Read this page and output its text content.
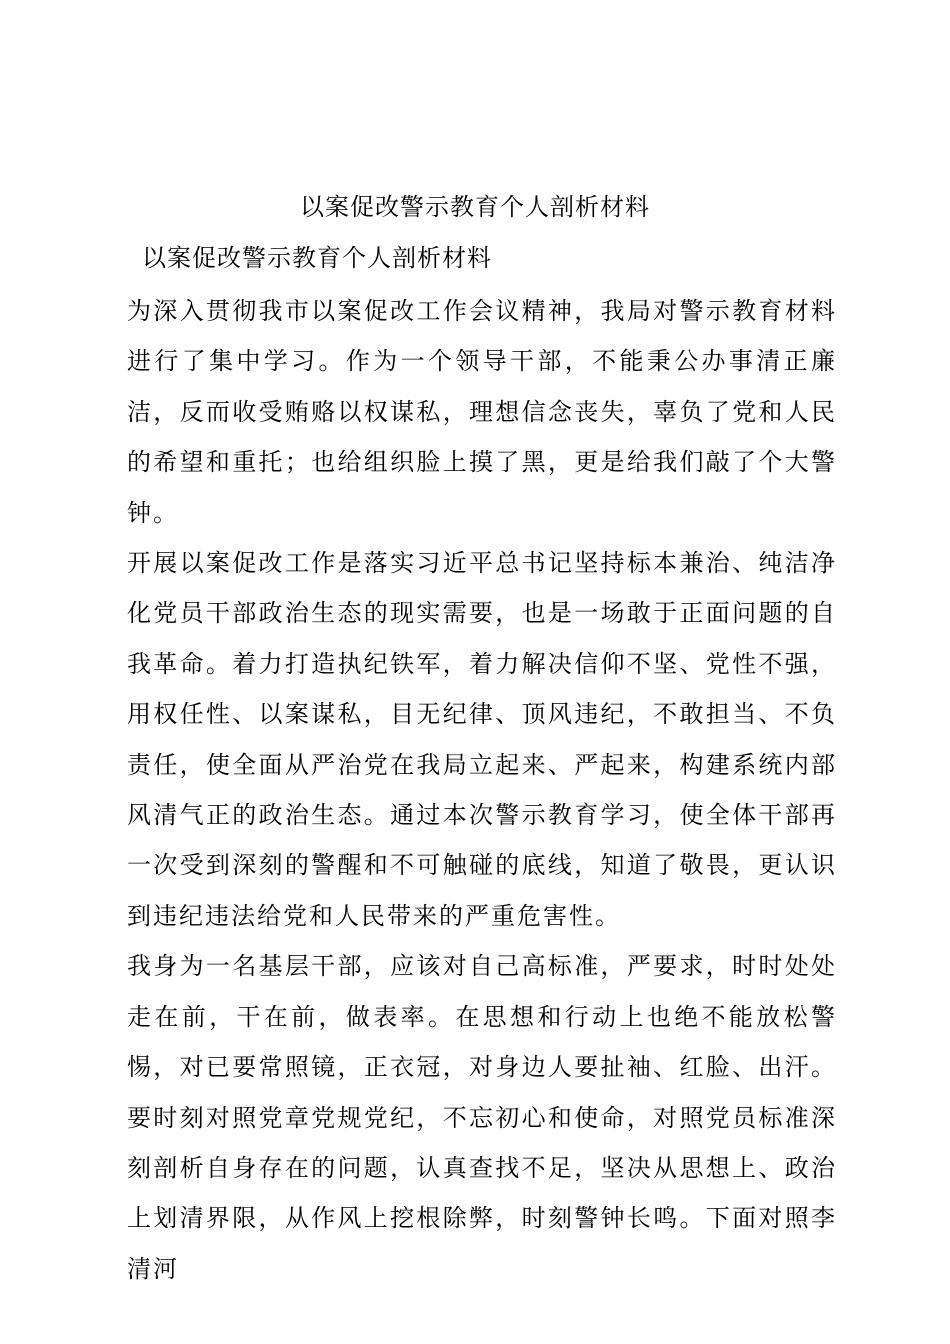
以案促改警示教育个人剖析材料
以案促改警示教育个人剖析材料

为深入贯彻我市以案促改工作会议精神，我局对警示教育材料进行了集中学习。作为一个领导干部，不能秉公办事清正廉洁，反而收受贿赂以权谋私，理想信念丧失，辜负了党和人民的希望和重托；也给组织脸上摸了黑，更是给我们敲了个大警钟。

开展以案促改工作是落实习近平总书记坚持标本兼治、纯洁净化党员干部政治生态的现实需要，也是一场敢于正面问题的自我革命。着力打造执纪铁军，着力解决信仰不坚、党性不强，用权任性、以案谋私，目无纪律、顶风违纪，不敢担当、不负责任，使全面从严治党在我局立起来、严起来，构建系统内部风清气正的政治生态。通过本次警示教育学习，使全体干部再一次受到深刻的警醒和不可触碰的底线，知道了敬畏，更认识到违纪违法给党和人民带来的严重危害性。

我身为一名基层干部，应该对自己高标准，严要求，时时处处走在前，干在前，做表率。在思想和行动上也绝不能放松警惕，对已要常照镜，正衣冠，对身边人要扯袖、红脸、出汗。要时刻对照党章党规党纪，不忘初心和使命，对照党员标准深刻剖析自身存在的问题，认真查找不足，坚决从思想上、政治上划清界限，从作风上挖根除弊，时刻警钟长鸣。下面对照李清河
